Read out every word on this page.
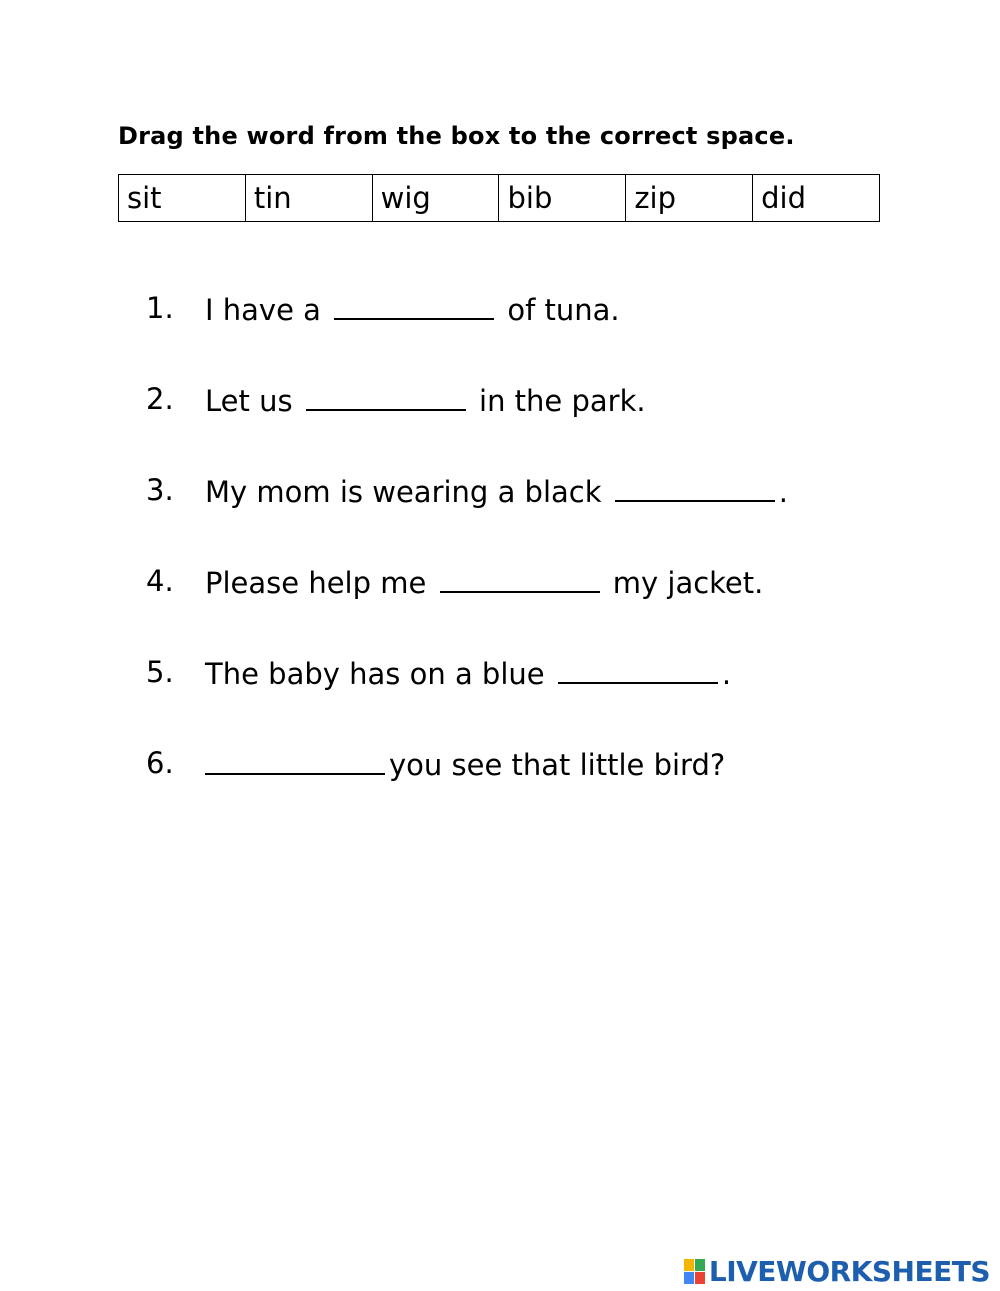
Drag the word from the box to the correct space.
sit	tin	wig	bib	zip	did
1.	I have a	of tuna.
2.	Let us	in the park.
3.	My mom is wearing a black	.
4.	Please help me	my jacket.
5.	The baby has on a blue	.
6.	you see that little bird?
LIVEWORKSHEETS
